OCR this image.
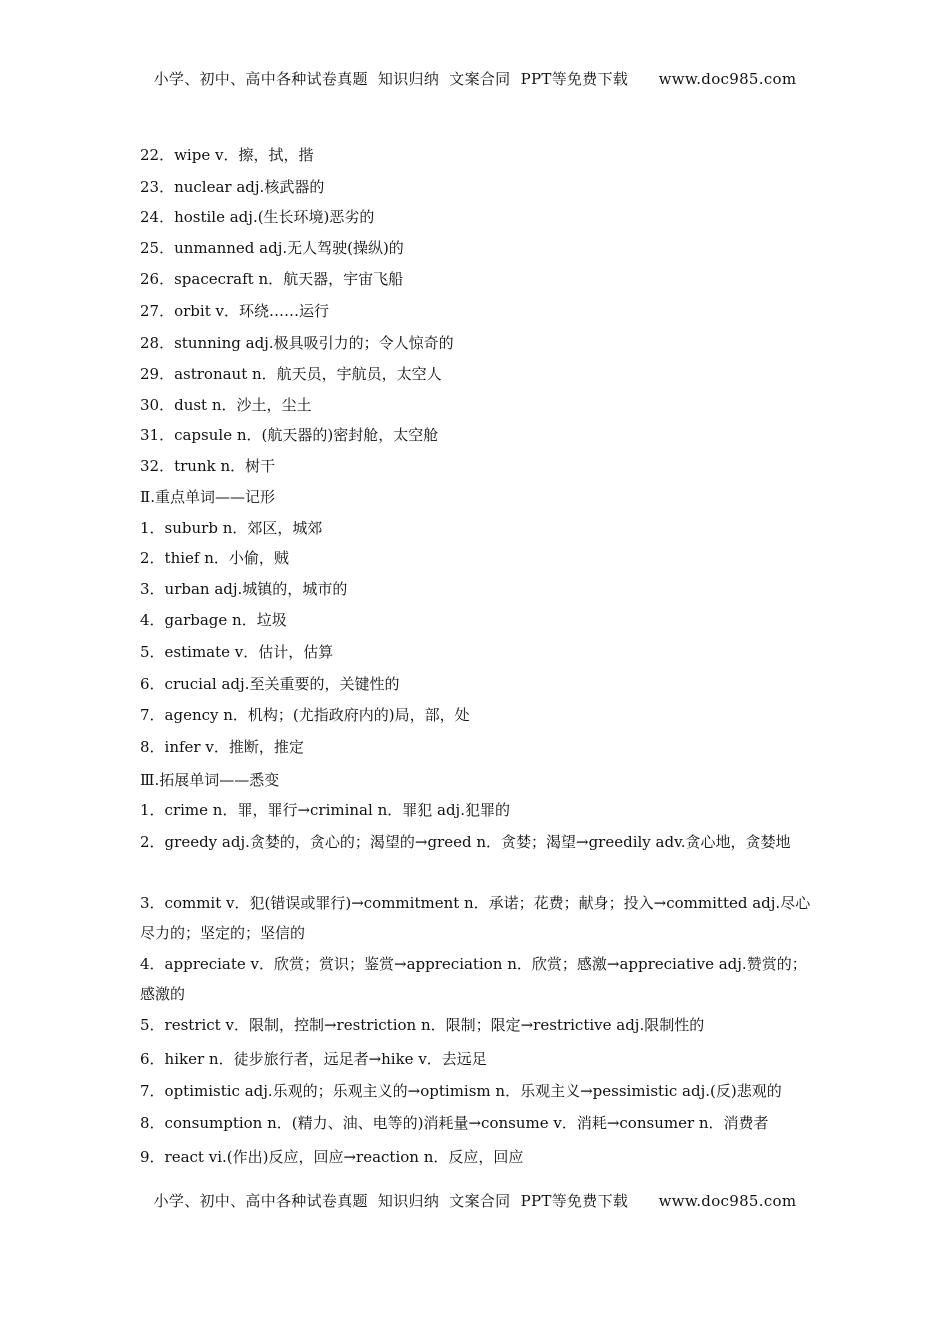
小学、初中、高中各种试卷真题  知识归纳  文案合同  PPT等免费下载      www.doc985.com
22．wipe v．擦，拭，揩
23．nuclear adj.核武器的
24．hostile adj.(生长环境)恶劣的
25．unmanned adj.无人驾驶(操纵)的
26．spacecraft n．航天器，宇宙飞船
27．orbit v．环绕……运行
28．stunning adj.极具吸引力的；令人惊奇的
29．astronaut n．航天员，宇航员，太空人
30．dust n．沙土，尘土
31．capsule n．(航天器的)密封舱，太空舱
32．trunk n．树干
Ⅱ.重点单词——记形
1．suburb n．郊区，城郊
2．thief n．小偷，贼
3．urban adj.城镇的，城市的
4．garbage n．垃圾
5．estimate v．估计，估算
6．crucial adj.至关重要的，关键性的
7．agency n．机构；(尤指政府内的)局，部，处
8．infer v．推断，推定
Ⅲ.拓展单词——悉变
1．crime n．罪，罪行→criminal n．罪犯 adj.犯罪的
2．greedy adj.贪婪的，贪心的；渴望的→greed n．贪婪；渴望→greedily adv.贪心地，贪婪地
3．commit v．犯(错误或罪行)→commitment n．承诺；花费；献身；投入→committed adj.尽心尽力的；坚定的；坚信的
4．appreciate v．欣赏；赏识；鉴赏→appreciation n．欣赏；感激→appreciative adj.赞赏的；感激的
5．restrict v．限制，控制→restriction n．限制；限定→restrictive adj.限制性的
6．hiker n．徒步旅行者，远足者→hike v．去远足
7．optimistic adj.乐观的；乐观主义的→optimism n．乐观主义→pessimistic adj.(反)悲观的
8．consumption n．(精力、油、电等的)消耗量→consume v．消耗→consumer n．消费者
9．react vi.(作出)反应，回应→reaction n．反应，回应
小学、初中、高中各种试卷真题  知识归纳  文案合同  PPT等免费下载      www.doc985.com
